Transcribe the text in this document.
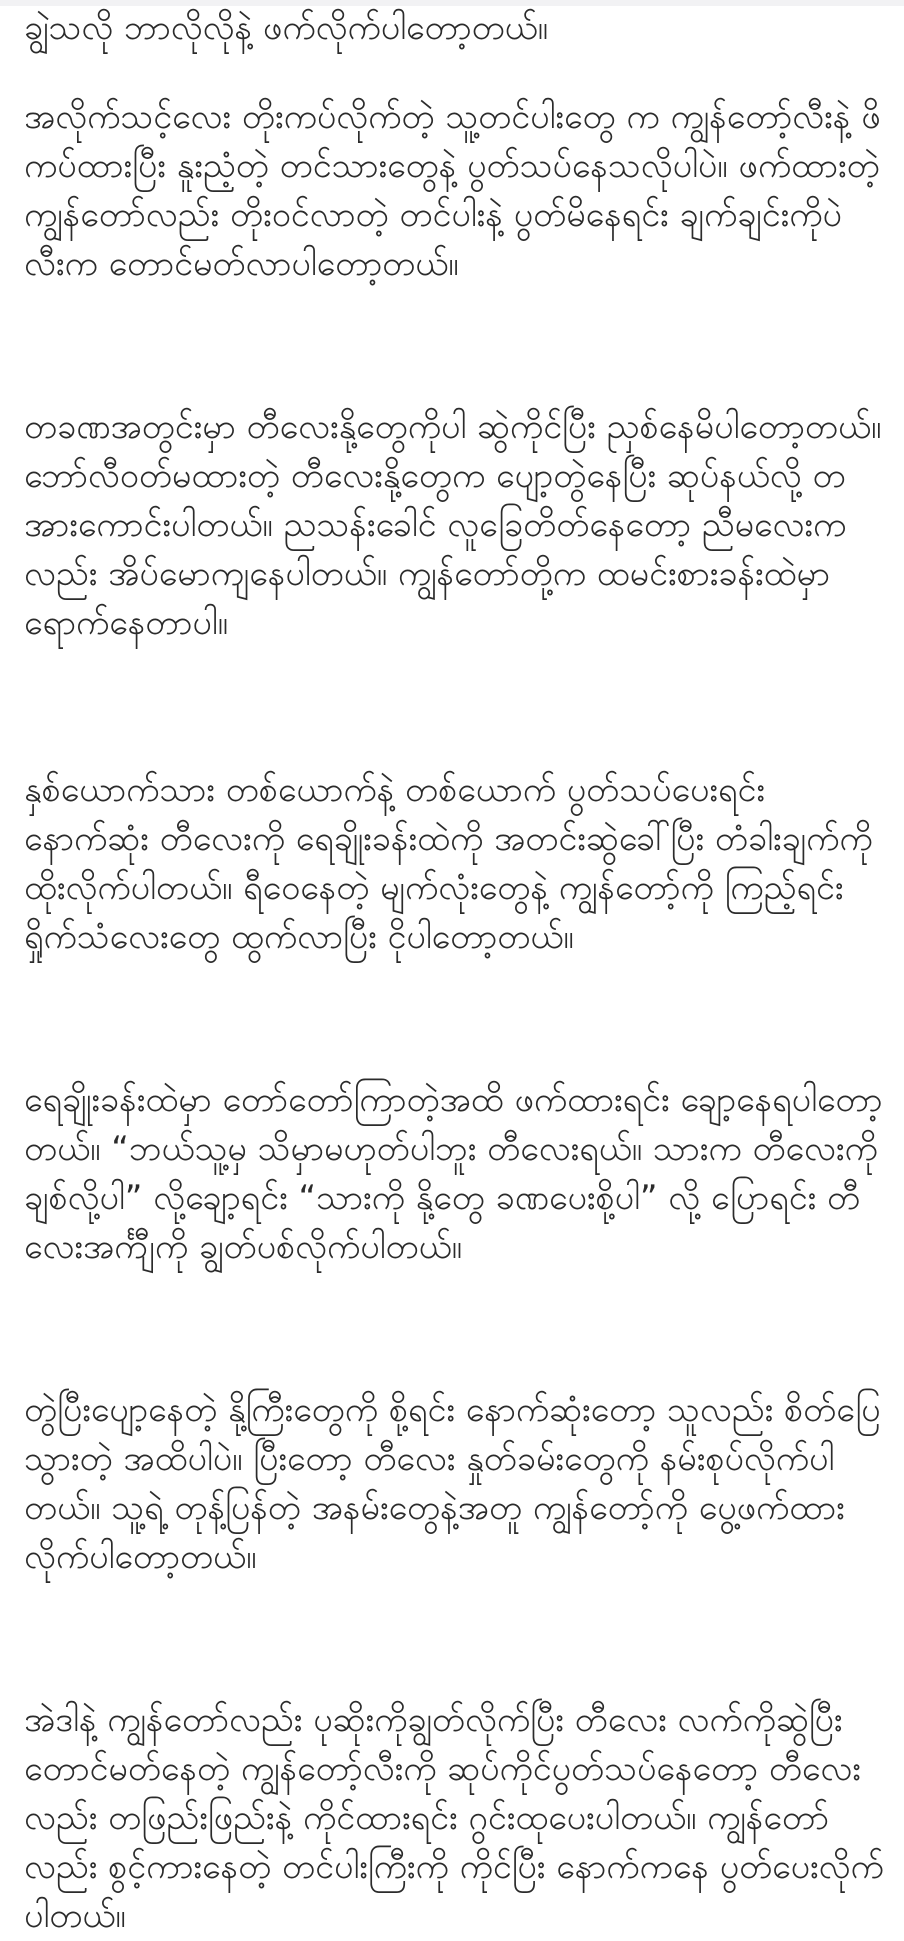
ချွဲသလို ဘာလိုလိုနဲ့ ဖက်လိုက်ပါတော့တယ်။

အလိုက်သင့်လေး တိုးကပ်လိုက်တဲ့ သူ့တင်ပါးတွေ က ကျွန်တော့်လီးနဲ့ ဖိကပ်ထားပြီး နူးညံ့တဲ့ တင်သားတွေနဲ့ ပွတ်သပ်နေသလိုပါပဲ။ ဖက်ထားတဲ့ ကျွန်တော်လည်း တိုးဝင်လာတဲ့ တင်ပါးနဲ့ ပွတ်မိနေရင်း ချက်ချင်းကိုပဲ လီးက တောင်မတ်လာပါတော့တယ်။

တခဏအတွင်းမှာ တီလေးနို့တွေကိုပါ ဆွဲကိုင်ပြီး ညှစ်နေမိပါတော့တယ်။ ဘော်လီဝတ်မထားတဲ့ တီလေးနို့တွေက ပျော့တွဲနေပြီး ဆုပ်နယ်လို့ တအားကောင်းပါတယ်။ ညသန်းခေါင် လူခြေတိတ်နေတော့ ညီမလေးကလည်း အိပ်မောကျနေပါတယ်။ ကျွန်တော်တို့က ထမင်းစားခန်းထဲမှာ ရောက်နေတာပါ။

နှစ်ယောက်သား တစ်ယောက်နဲ့ တစ်ယောက် ပွတ်သပ်ပေးရင်း နောက်ဆုံး တီလေးကို ရေချိုးခန်းထဲကို အတင်းဆွဲခေါ်ပြီး တံခါးချက်ကို ထိုးလိုက်ပါတယ်။ ရီဝေနေတဲ့ မျက်လုံးတွေနဲ့ ကျွန်တော့်ကို ကြည့်ရင်း ရှိုက်သံလေးတွေ ထွက်လာပြီး ငိုပါတော့တယ်။

ရေချိုးခန်းထဲမှာ တော်တော်ကြာတဲ့အထိ ဖက်ထားရင်း ချော့နေရပါတော့တယ်။ “ဘယ်သူ့မှ သိမှာမဟုတ်ပါဘူး တီလေးရယ်။ သားက တီလေးကို ချစ်လို့ပါ” လို့ချော့ရင်း “သားကို နို့တွေ ခဏပေးစို့ပါ” လို့ ပြောရင်း တီလေးအင်္ကျီကို ချွတ်ပစ်လိုက်ပါတယ်။

တွဲပြီးပျော့နေတဲ့ နို့ကြီးတွေကို စို့ရင်း နောက်ဆုံးတော့ သူလည်း စိတ်ပြေသွားတဲ့ အထိပါပဲ။ ပြီးတော့ တီလေး နှုတ်ခမ်းတွေကို နမ်းစုပ်လိုက်ပါတယ်။ သူ့ရဲ့ တုန့်ပြန်တဲ့ အနမ်းတွေနဲ့အတူ ကျွန်တော့်ကို ပွေ့ဖက်ထားလိုက်ပါတော့တယ်။

အဲဒါနဲ့ ကျွန်တော်လည်း ပုဆိုးကိုချွတ်လိုက်ပြီး တီလေး လက်ကိုဆွဲပြီး တောင်မတ်နေတဲ့ ကျွန်တော့်လီးကို ဆုပ်ကိုင်ပွတ်သပ်နေတော့ တီလေးလည်း တဖြည်းဖြည်းနဲ့ ကိုင်ထားရင်း ဂွင်းထုပေးပါတယ်။ ကျွန်တော်လည်း စွင့်ကားနေတဲ့ တင်ပါးကြီးကို ကိုင်ပြီး နောက်ကနေ ပွတ်ပေးလိုက်ပါတယ်။
